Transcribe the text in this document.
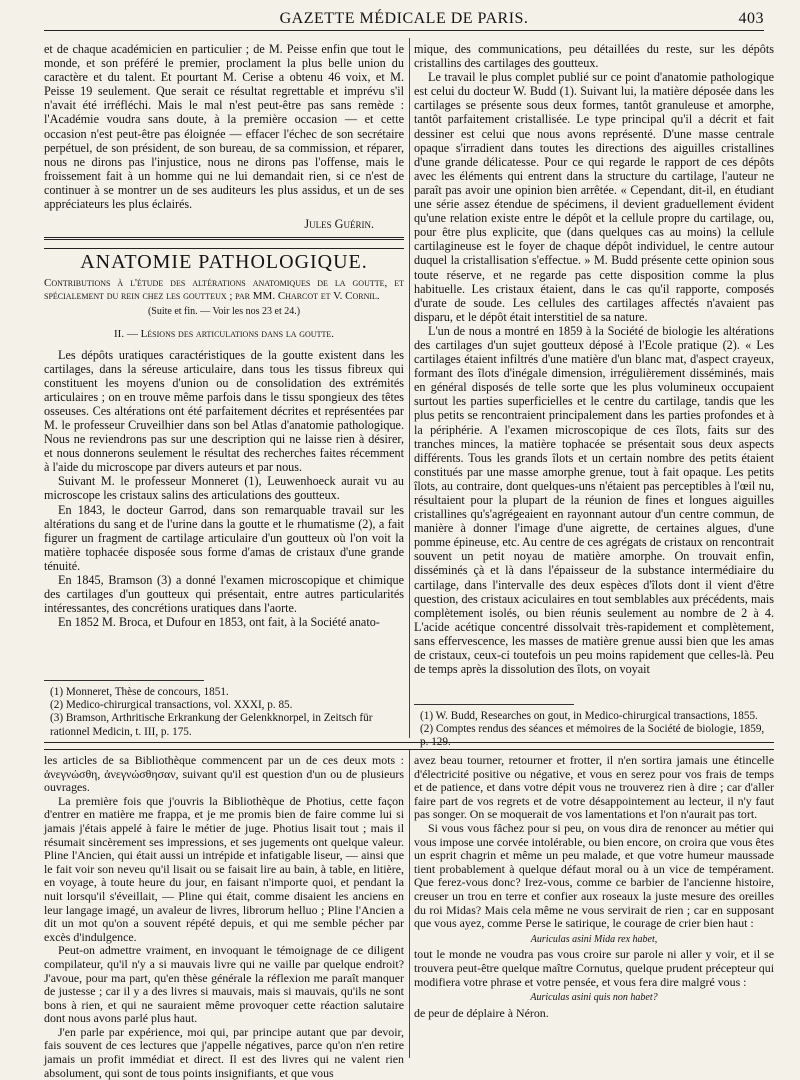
GAZETTE MÉDICALE DE PARIS.	403

et de chaque académicien en particulier ; de M. Peisse enfin que tout le monde, et son préféré le premier, proclament la plus belle union du caractère et du talent. Et pourtant M. Cerise a obtenu 46 voix, et M. Peisse 19 seulement. Que serait ce résultat regrettable et imprévu s'il n'avait été irréfléchi. Mais le mal n'est peut-être pas sans remède : l'Académie voudra sans doute, à la première occasion — et cette occasion n'est peut-être pas éloignée — effacer l'échec de son secrétaire perpétuel, de son président, de son bureau, de sa commission, et réparer, nous ne dirons pas l'injustice, nous ne dirons pas l'offense, mais le froissement fait à un homme qui ne lui demandait rien, si ce n'est de continuer à se montrer un de ses auditeurs les plus assidus, et un de ses appréciateurs les plus éclairés.

Jules Guérin.

ANATOMIE PATHOLOGIQUE.

Contributions à l'étude des altérations anatomiques de la goutte, et spécialement du rein chez les goutteux ; par MM. Charcot et V. Cornil.

(Suite et fin. — Voir les nos 23 et 24.)

II. — Lésions des articulations dans la goutte.

Les dépôts uratiques caractéristiques de la goutte existent dans les cartilages, dans la séreuse articulaire, dans tous les tissus fibreux qui constituent les moyens d'union ou de consolidation des extrémités articulaires ; on en trouve même parfois dans le tissu spongieux des têtes osseuses. Ces altérations ont été parfaitement décrites et représentées par M. le professeur Cruveilhier dans son bel Atlas d'anatomie pathologique. Nous ne reviendrons pas sur une description qui ne laisse rien à désirer, et nous donnerons seulement le résultat des recherches faites récemment à l'aide du microscope par divers auteurs et par nous.

Suivant M. le professeur Monneret (1), Leuwenhoeck aurait vu au microscope les cristaux salins des articulations des goutteux.

En 1843, le docteur Garrod, dans son remarquable travail sur les altérations du sang et de l'urine dans la goutte et le rhumatisme (2), a fait figurer un fragment de cartilage articulaire d'un goutteux où l'on voit la matière tophacée disposée sous forme d'amas de cristaux d'une grande ténuité.

En 1845, Bramson (3) a donné l'examen microscopique et chimique des cartilages d'un goutteux qui présentait, entre autres particularités intéressantes, des concrétions uratiques dans l'aorte.

En 1852 M. Broca, et Dufour en 1853, ont fait, à la Société anato-

(1) Monneret, Thèse de concours, 1851.

(2) Medico-chirurgical transactions, vol. XXXI, p. 85.

(3) Bramson, Arthritische Erkrankung der Gelenkknorpel, in Zeitsch für rationnel Medicin, t. III, p. 175.

mique, des communications, peu détaillées du reste, sur les dépôts cristallins des cartilages des goutteux.

Le travail le plus complet publié sur ce point d'anatomie pathologique est celui du docteur W. Budd (1). Suivant lui, la matière déposée dans les cartilages se présente sous deux formes, tantôt granuleuse et amorphe, tantôt parfaitement cristallisée. Le type principal qu'il a décrit et fait dessiner est celui que nous avons représenté. D'une masse centrale opaque s'irradient dans toutes les directions des aiguilles cristallines d'une grande délicatesse. Pour ce qui regarde le rapport de ces dépôts avec les éléments qui entrent dans la structure du cartilage, l'auteur ne paraît pas avoir une opinion bien arrêtée. « Cependant, dit-il, en étudiant une série assez étendue de spécimens, il devient graduellement évident qu'une relation existe entre le dépôt et la cellule propre du cartilage, ou, pour être plus explicite, que (dans quelques cas au moins) la cellule cartilagineuse est le foyer de chaque dépôt individuel, le centre autour duquel la cristallisation s'effectue. » M. Budd présente cette opinion sous toute réserve, et ne regarde pas cette disposition comme la plus habituelle. Les cristaux étaient, dans le cas qu'il rapporte, composés d'urate de soude. Les cellules des cartilages affectés n'avaient pas disparu, et le dépôt était interstitiel de sa nature.

L'un de nous a montré en 1859 à la Société de biologie les altérations des cartilages d'un sujet goutteux déposé à l'Ecole pratique (2). « Les cartilages étaient infiltrés d'une matière d'un blanc mat, d'aspect crayeux, formant des îlots d'inégale dimension, irrégulièrement disséminés, mais en général disposés de telle sorte que les plus volumineux occupaient surtout les parties superficielles et le centre du cartilage, tandis que les plus petits se rencontraient principalement dans les parties profondes et à la périphérie. A l'examen microscopique de ces îlots, faits sur des tranches minces, la matière tophacée se présentait sous deux aspects différents. Tous les grands îlots et un certain nombre des petits étaient constitués par une masse amorphe grenue, tout à fait opaque. Les petits îlots, au contraire, dont quelques-uns n'étaient pas perceptibles à l'œil nu, résultaient pour la plupart de la réunion de fines et longues aiguilles cristallines qu's'agrégeaient en rayonnant autour d'un centre commun, de manière à donner l'image d'une aigrette, de certaines algues, d'une pomme épineuse, etc. Au centre de ces agrégats de cristaux on rencontrait souvent un petit noyau de matière amorphe. On trouvait enfin, disséminés çà et là dans l'épaisseur de la substance intermédiaire du cartilage, dans l'intervalle des deux espèces d'îlots dont il vient d'être question, des cristaux aciculaires en tout semblables aux précédents, mais complètement isolés, ou bien réunis seulement au nombre de 2 à 4. L'acide acétique concentré dissolvait très-rapidement et complètement, sans effervescence, les masses de matière grenue aussi bien que les amas de cristaux, ceux-ci toutefois un peu moins rapidement que celles-là. Peu de temps après la dissolution des îlots, on voyait

(1) W. Budd, Researches on gout, in Medico-chirurgical transactions, 1855.

(2) Comptes rendus des séances et mémoires de la Société de biologie, 1859, p. 129.

les articles de sa Bibliothèque commencent par un de ces deux mots : ἀνεγνώσθη, ἀνεγνώσθησαν, suivant qu'il est question d'un ou de plusieurs ouvrages.

La première fois que j'ouvris la Bibliothèque de Photius, cette façon d'entrer en matière me frappa, et je me promis bien de faire comme lui si jamais j'étais appelé à faire le métier de juge. Photius lisait tout ; mais il résumait sincèrement ses impressions, et ses jugements ont quelque valeur. Pline l'Ancien, qui était aussi un intrépide et infatigable liseur, — ainsi que le fait voir son neveu qu'il lisait ou se faisait lire au bain, à table, en litière, en voyage, à toute heure du jour, en faisant n'importe quoi, et pendant la nuit lorsqu'il s'éveillait, — Pline qui était, comme disaient les anciens en leur langage imagé, un avaleur de livres, librorum helluo ; Pline l'Ancien a dit un mot qu'on a souvent répété depuis, et qui me semble pécher par excès d'indulgence.

Peut-on admettre vraiment, en invoquant le témoignage de ce diligent compilateur, qu'il n'y a si mauvais livre qui ne vaille par quelque endroit? J'avoue, pour ma part, qu'en thèse générale la réflexion me paraît manquer de justesse ; car il y a des livres si mauvais, mais si mauvais, qu'ils ne sont bons à rien, et qui ne sauraient même provoquer cette réaction salutaire dont nous avons parlé plus haut.

J'en parle par expérience, moi qui, par principe autant que par devoir, fais souvent de ces lectures que j'appelle négatives, parce qu'on n'en retire jamais un profit immédiat et direct. Il est des livres qui ne valent rien absolument, qui sont de tous points insignifiants, et que vous

avez beau tourner, retourner et frotter, il n'en sortira jamais une étincelle d'électricité positive ou négative, et vous en serez pour vos frais de temps et de patience, et dans votre dépit vous ne trouverez rien à dire ; car d'aller faire part de vos regrets et de votre désappointement au lecteur, il n'y faut pas songer. On se moquerait de vos lamentations et l'on n'aurait pas tort.

Si vous vous fâchez pour si peu, on vous dira de renoncer au métier qui vous impose une corvée intolérable, ou bien encore, on croira que vous êtes un esprit chagrin et même un peu malade, et que votre humeur maussade tient probablement à quelque défaut moral ou à un vice de tempérament. Que ferez-vous donc? Irez-vous, comme ce barbier de l'ancienne histoire, creuser un trou en terre et confier aux roseaux la juste mesure des oreilles du roi Midas? Mais cela même ne vous servirait de rien ; car en supposant que vous ayez, comme Perse le satirique, le courage de crier bien haut :

Auriculas asini Mida rex habet,

tout le monde ne voudra pas vous croire sur parole ni aller y voir, et il se trouvera peut-être quelque maître Cornutus, quelque prudent précepteur qui modifiera votre phrase et votre pensée, et vous fera dire malgré vous :

Auriculas asini quis non habet?

de peur de déplaire à Néron.
